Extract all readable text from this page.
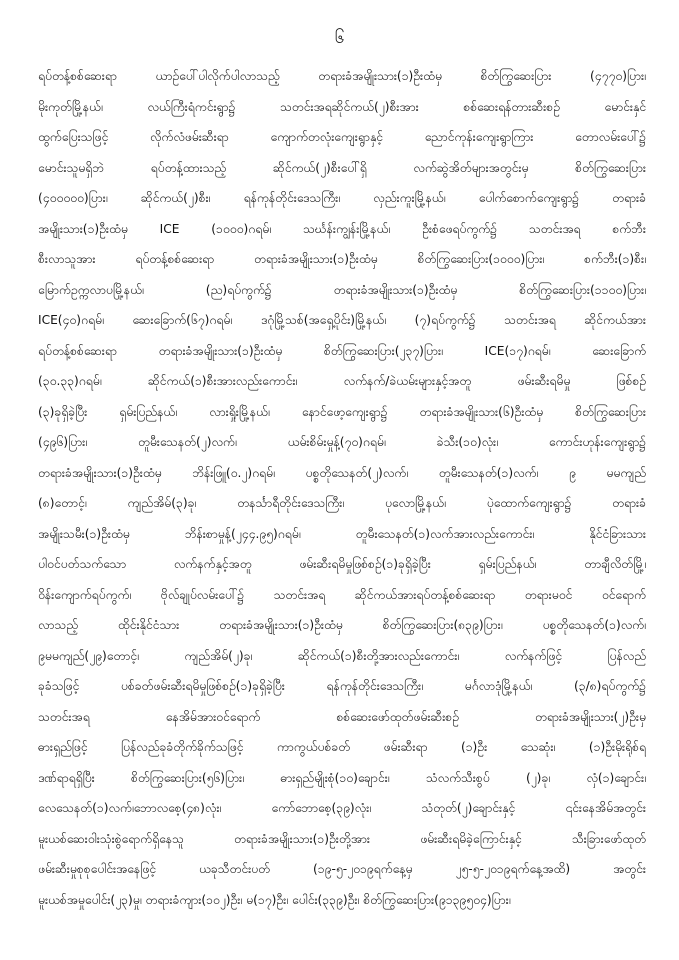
၆
ရပ်တန့်စစ်ဆေးရာ ယာဉ်ပေါ်ပါလိုက်ပါလာသည့် တရားခံအမျိုးသား(၁)ဦးထံမှ စိတ်ကြွဆေးပြား (၄၇၇၀)ပြား၊
မိုးကုတ်မြို့နယ်၊ လယ်ကြီးရံကင်းရွာ၌ သတင်းအရဆိုင်ကယ်(၂)စီးအား စစ်ဆေးရန်တားဆီးစဉ် မောင်းနှင်
ထွက်ပြေးသဖြင့် လိုက်လံဖမ်းဆီးရာ ကျောက်တလုံးကျေးရွာနှင့် ညောင်ကုန်းကျေးရွာကြား တောလမ်းပေါ်၌
မောင်းသူမရှိဘဲ ရပ်တန့်ထားသည့် ဆိုင်ကယ်(၂)စီးပေါ်ရှိ လက်ဆွဲအိတ်များအတွင်းမှ စိတ်ကြွဆေးပြား
(၄၀၀၀၀၀)ပြား၊ ဆိုင်ကယ်(၂)စီး၊ ရန်ကုန်တိုင်းဒေသကြီး၊ လှည်းကူးမြို့နယ်၊ ပေါက်စောက်ကျေးရွာ၌ တရားခံ
အမျိုးသား(၁)ဦးထံမှ ICE (၁၀၀၀)ဂရမ်၊ သင်္ဃန်းကျွန်းမြို့နယ်၊ ဦးစံဖေရပ်ကွက်၌ သတင်းအရ စက်ဘီး
စီးလာသူအား ရပ်တန့်စစ်ဆေးရာ တရားခံအမျိုးသား(၁)ဦးထံမှ စိတ်ကြွဆေးပြား(၁၀၀၀)ပြား၊ စက်ဘီး(၁)စီး၊
မြောက်ဥက္ကလာပမြို့နယ်၊ (ည)ရပ်ကွက်၌ တရားခံအမျိုးသား(၁)ဦးထံမှ စိတ်ကြွဆေးပြား(၁၁၀၀)ပြား၊
ICE(၄၀)ဂရမ်၊ ဆေးခြောက်(၆၇)ဂရမ်၊ ဒဂုံမြို့သစ်(အရှေ့ပိုင်း)မြို့နယ်၊ (၇)ရပ်ကွက်၌ သတင်းအရ ဆိုင်ကယ်အား
ရပ်တန့်စစ်ဆေးရာ တရားခံအမျိုးသား(၁)ဦးထံမှ စိတ်ကြွဆေးပြား(၂၃၇)ပြား၊ ICE(၁၇)ဂရမ်၊ ဆေးခြောက်
(၃၀.၃၃)ဂရမ်၊ ဆိုင်ကယ်(၁)စီးအားလည်းကောင်း၊ လက်နက်/ခဲယမ်းများနှင့်အတူ ဖမ်းဆီးရမိမှု ဖြစ်စဉ်
(၃)ခုရှိခဲ့ပြီး ရှမ်းပြည်နယ်၊ လားရှိုးမြို့နယ်၊ နောင်ဖော့ကျေးရွာ၌ တရားခံအမျိုးသား(၆)ဦးထံမှ စိတ်ကြွဆေးပြား
(၄၉၆)ပြား၊ တူမီးသေနတ်(၂)လက်၊ ယမ်းစိမ်းမှုန့်(၇၀)ဂရမ်၊ ခဲသီး(၁၀)လုံး၊ ကောင်းဟုန်းကျေးရွာ၌
တရားခံအမျိုးသား(၁)ဦးထံမှ ဘိန်းဖြူ(၀.၂)ဂရမ်၊ ပစ္စတိုသေနတ်(၂)လက်၊ တူမီးသေနတ်(၁)လက်၊ ၉ မမကျည်
(၈)တောင့်၊ ကျည်အိမ်(၃)ခု၊ တနင်္သာရီတိုင်းဒေသကြီး၊ ပုလောမြို့နယ်၊ ပုဲထောက်ကျေးရွာ၌ တရားခံ
အမျိုးသမီး(၁)ဦးထံမှ ဘိန်းစာမှုန့်(၂၄၄.၉၅)ဂရမ်၊ တူမီးသေနတ်(၁)လက်အားလည်းကောင်း၊ နိုင်ငံခြားသား
ပါဝင်ပတ်သက်သော လက်နက်နှင့်အတူ ဖမ်းဆီးရမိမှုဖြစ်စဉ်(၁)ခုရှိခဲ့ပြီး ရှမ်းပြည်နယ်၊ တာချီလိတ်မြို့၊
ဝိန်းကျောက်ရပ်ကွက်၊ ဗိုလ်ချုပ်လမ်းပေါ်၌ သတင်းအရ ဆိုင်ကယ်အားရပ်တန့်စစ်ဆေးရာ တရားမဝင် ဝင်ရောက်
လာသည့် ထိုင်းနိုင်ငံသား တရားခံအမျိုးသား(၁)ဦးထံမှ စိတ်ကြွဆေးပြား(၈၃၉)ပြား၊ ပစ္စတိုသေနတ်(၁)လက်၊
၉မမကျည်(၂၉)တောင့်၊ ကျည်အိမ်(၂)ခု၊ ဆိုင်ကယ်(၁)စီးတို့အားလည်းကောင်း၊ လက်နက်ဖြင့် ပြန်လည်
ခုခံသဖြင့် ပစ်ခတ်ဖမ်းဆီးရမိမှုဖြစ်စဉ်(၁)ခုရှိခဲ့ပြီး ရန်ကုန်တိုင်းဒေသကြီး၊ မင်္ဂလာဒုံမြို့နယ်၊ (၃/၈)ရပ်ကွက်၌
သတင်းအရ နေအိမ်အားဝင်ရောက် စစ်ဆေးဖော်ထုတ်ဖမ်းဆီးစဉ် တရားခံအမျိုးသား(၂)ဦးမှ
ဓားရှည်ဖြင့် ပြန်လည်ခုခံတိုက်ခိုက်သဖြင့် ကာကွယ်ပစ်ခတ် ဖမ်းဆီးရာ (၁)ဦး သေဆုံး၊ (၁)ဦးမိုးရိုစ်ရ
ဒဏ်ရာရရှိပြီး စိတ်ကြွဆေးပြား(၅၆)ပြား၊ ဓားရှည်မျိုးစုံ(၁၀)ချောင်း၊ သံလက်သီးစွပ် (၂)ခု၊ လှံ(၁)ချောင်း၊
လေသေနတ်(၁)လက်၊ဘောလစေ့(၄၈)လုံး၊ ကော်ဘောစေ့(၃၉)လုံး၊ သံတုတ်(၂)ချောင်းနှင့် ၎င်းနေအိမ်အတွင်း
မူးယစ်ဆေးဝါးသုံးစွဲရောက်ရှိနေသူ တရားခံအမျိုးသား(၁)ဦးတို့အား ဖမ်းဆီးရမိခဲ့ကြောင်းနှင့် သီးခြားဖော်ထုတ်
ဖမ်းဆီးမှုစုစုပေါင်းအနေဖြင့် ယခုသီတင်းပတ် (၁၉-၅-၂၀၁၉ရက်နေ့မှ ၂၅-၅-၂၀၁၉ရက်နေ့အထိ) အတွင်း
မူးယစ်အမှုပေါင်း(၂၃)မှု၊ တရားခံကျား(၁၀၂)ဦး၊ မ(၁၇)ဦး၊ ပေါင်း(၃၃၉)ဦး၊ စိတ်ကြွဆေးပြား(၉၁၃၉၅၀၄)ပြား၊
